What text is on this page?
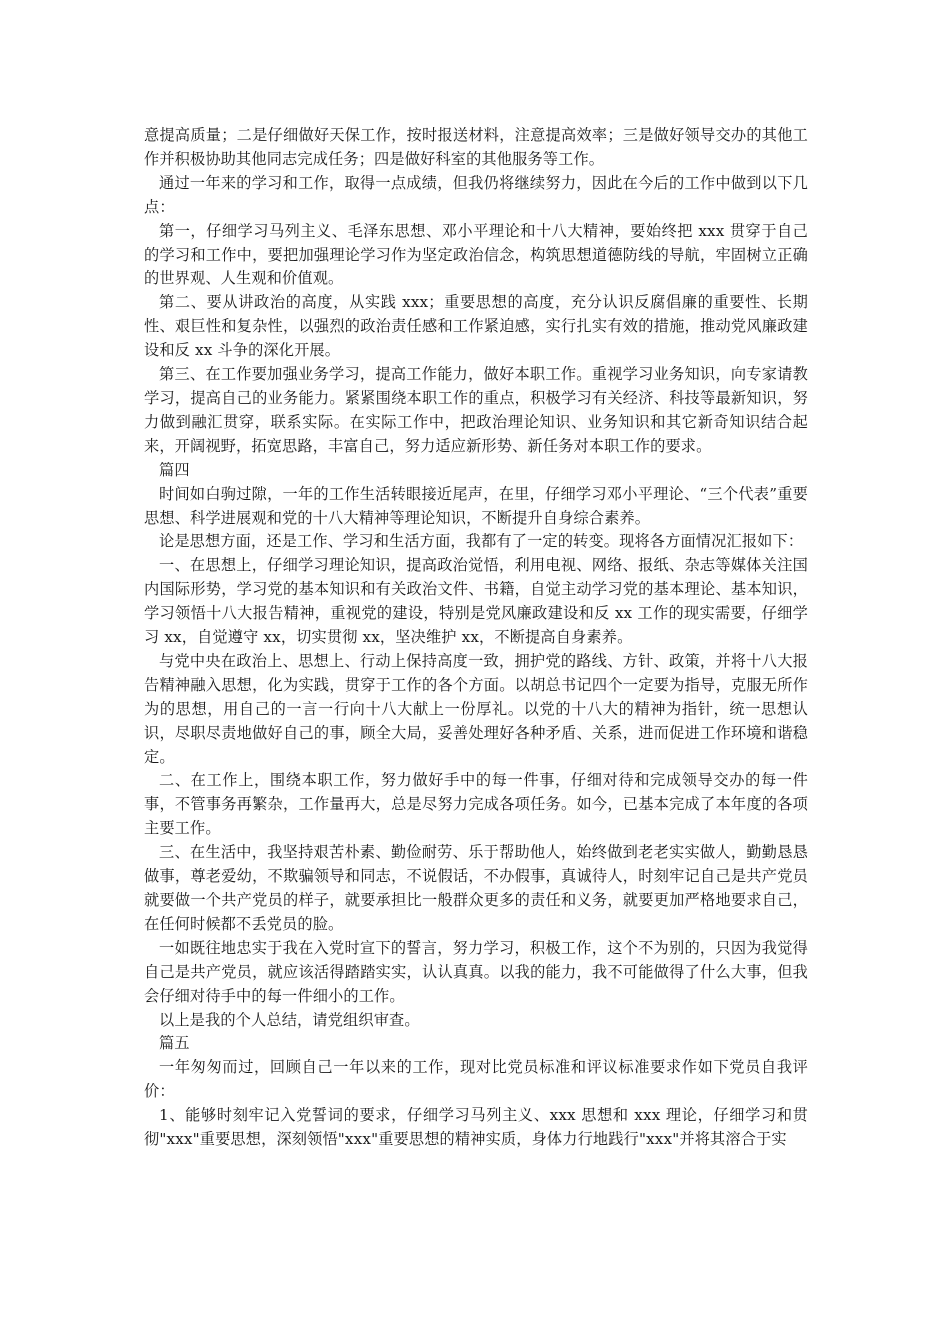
意提高质量；二是仔细做好天保工作，按时报送材料，注意提高效率；三是做好领导交办的其他工作并积极协助其他同志完成任务；四是做好科室的其他服务等工作。

通过一年来的学习和工作，取得一点成绩，但我仍将继续努力，因此在今后的工作中做到以下几点：

第一，仔细学习马列主义、毛泽东思想、邓小平理论和十八大精神，要始终把 xxx 贯穿于自己的学习和工作中，要把加强理论学习作为坚定政治信念，构筑思想道德防线的导航，牢固树立正确的世界观、人生观和价值观。

第二、要从讲政治的高度，从实践 xxx；重要思想的高度，充分认识反腐倡廉的重要性、长期性、艰巨性和复杂性，以强烈的政治责任感和工作紧迫感，实行扎实有效的措施，推动党风廉政建设和反 xx 斗争的深化开展。

第三、在工作要加强业务学习，提高工作能力，做好本职工作。重视学习业务知识，向专家请教学习，提高自己的业务能力。紧紧围绕本职工作的重点，积极学习有关经济、科技等最新知识，努力做到融汇贯穿，联系实际。在实际工作中，把政治理论知识、业务知识和其它新奇知识结合起来，开阔视野，拓宽思路，丰富自己，努力适应新形势、新任务对本职工作的要求。

篇四

时间如白驹过隙，一年的工作生活转眼接近尾声，在里，仔细学习邓小平理论、“三个代表”重要思想、科学进展观和党的十八大精神等理论知识，不断提升自身综合素养。

论是思想方面，还是工作、学习和生活方面，我都有了一定的转变。现将各方面情况汇报如下：

一、在思想上，仔细学习理论知识，提高政治觉悟，利用电视、网络、报纸、杂志等媒体关注国内国际形势，学习党的基本知识和有关政治文件、书籍，自觉主动学习党的基本理论、基本知识，学习领悟十八大报告精神，重视党的建设，特别是党风廉政建设和反 xx 工作的现实需要，仔细学习 xx，自觉遵守 xx，切实贯彻 xx，坚决维护 xx，不断提高自身素养。

与党中央在政治上、思想上、行动上保持高度一致，拥护党的路线、方针、政策，并将十八大报告精神融入思想，化为实践，贯穿于工作的各个方面。以胡总书记四个一定要为指导，克服无所作为的思想，用自己的一言一行向十八大献上一份厚礼。以党的十八大的精神为指针，统一思想认识，尽职尽责地做好自己的事，顾全大局，妥善处理好各种矛盾、关系，进而促进工作环境和谐稳定。

二、在工作上，围绕本职工作，努力做好手中的每一件事，仔细对待和完成领导交办的每一件事，不管事务再繁杂，工作量再大，总是尽努力完成各项任务。如今，已基本完成了本年度的各项主要工作。

三、在生活中，我坚持艰苦朴素、勤俭耐劳、乐于帮助他人，始终做到老老实实做人，勤勤恳恳做事，尊老爱幼，不欺骗领导和同志，不说假话，不办假事，真诚待人，时刻牢记自己是共产党员就要做一个共产党员的样子，就要承担比一般群众更多的责任和义务，就要更加严格地要求自己，在任何时候都不丢党员的脸。

一如既往地忠实于我在入党时宣下的誓言，努力学习，积极工作，这个不为别的，只因为我觉得自己是共产党员，就应该活得踏踏实实，认认真真。以我的能力，我不可能做得了什么大事，但我会仔细对待手中的每一件细小的工作。

以上是我的个人总结，请党组织审查。

篇五

一年匆匆而过，回顾自己一年以来的工作，现对比党员标准和评议标准要求作如下党员自我评价：

1、能够时刻牢记入党誓词的要求，仔细学习马列主义、xxx 思想和 xxx 理论，仔细学习和贯彻"xxx"重要思想，深刻领悟"xxx"重要思想的精神实质，身体力行地践行"xxx"并将其溶合于实
